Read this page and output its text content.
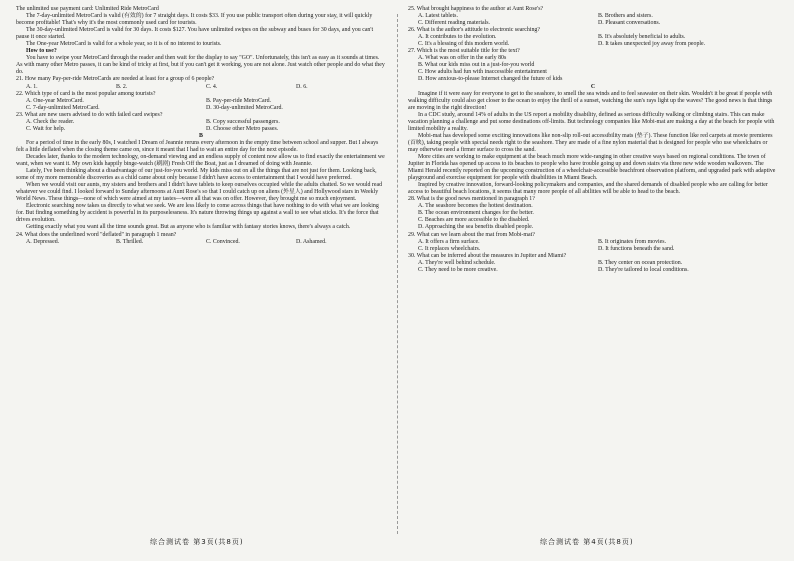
The unlimited use payment card: Unlimited Ride MetroCard

The 7-day-unlimited MetroCard is valid (有效的) for 7 straight days. It costs $33. If you use public transport often during your stay, it will quickly become profitable! That's why it's the most commonly used card for tourists.

The 30-day-unlimited MetroCard is valid for 30 days. It costs $127. You have unlimited swipes on the subway and buses for 30 days, and you can't pause it once started.

The One-year MetroCard is valid for a whole year, so it is of no interest to tourists.

How to use?

You have to swipe your MetroCard through the reader and then wait for the display to say "GO". Unfortunately, this isn't as easy as it sounds at times. As with many other Metro passes, it can be kind of tricky at first, but if you can't get it working, you are not alone. Just watch other people and do what they do.

21. How many Pay-per-ride MetroCards are needed at least for a group of 6 people?

A. 1.	B. 2.	C. 4.	D. 6.

22. Which type of card is the most popular among tourists?

A. One-year MetroCard.	B. Pay-per-ride MetroCard.
C. 7-day-unlimited MetroCard.	D. 30-day-unlimited MetroCard.

23. What are new users advised to do with failed card swipes?

A. Check the reader.	B. Copy successful passengers.
C. Wait for help.	D. Choose other Metro passes.

B

For a period of time in the early 80s, I watched I Dream of Jeannie reruns every afternoon in the empty time between school and supper. But I always felt a little deflated when the closing theme came on, since it meant that I had to wait an entire day for the next episode.

Decades later, thanks to the modern technology, on-demand viewing and an endless supply of content now allow us to find exactly the entertainment we want, when we want it. My own kids happily binge-watch (刷剧) Fresh Off the Boat, just as I dreamed of doing with Jeannie.

Lately, I've been thinking about a disadvantage of our just-for-you world. My kids miss out on all the things that are not just for them. Looking back, some of my more memorable discoveries as a child came about only because I didn't have access to entertainment that I would have preferred.

When we would visit our aunts, my sisters and brothers and I didn't have tablets to keep ourselves occupied while the adults chatted. So we would read whatever we could find. I looked forward to Sunday afternoons at Aunt Rose's so that I could catch up on aliens (外星人) and Hollywood stars in Weekly World News. These things—none of which were aimed at my tastes—were all that was on offer. However, they brought me so much enjoyment.

Electronic searching now takes us directly to what we seek. We are less likely to come across things that have nothing to do with what we are looking for. But finding something by accident is powerful in its purposelessness. It's nature throwing things up against a wall to see what sticks. It's the force that drives evolution.

Getting exactly what you want all the time sounds great. But as anyone who is familiar with fantasy stories knows, there's always a catch.

24. What does the underlined word "deflated" in paragraph 1 mean?

A. Depressed.	B. Thrilled.	C. Convinced.	D. Ashamed.

25. What brought happiness to the author at Aunt Rose's?

A. Latest tablets.	B. Brothers and sisters.
C. Different reading materials.	D. Pleasant conversations.

26. What is the author's attitude to electronic searching?

A. It contributes to the evolution.	B. It's absolutely beneficial to adults.
C. It's a blessing of this modern world.	D. It takes unexpected joy away from people.

27. Which is the most suitable title for the text?

A. What was on offer in the early 80s

B. What our kids miss out in a just-for-you world

C. How adults had fun with inaccessible entertainment

D. How anxious-to-please Internet changed the future of kids

C

Imagine if it were easy for everyone to get to the seashore, to smell the sea winds and to feel seawater on their skin. Wouldn't it be great if people with walking difficulty could also get closer to the ocean to enjoy the thrill of a sunset, watching the sun's rays light up the waves? The good news is that things are moving in the right direction!

In a CDC study, around 14% of adults in the US report a mobility disability, defined as serious difficulty walking or climbing stairs. This can make vacation planning a challenge and put some destinations off-limits. But technology companies like Mobi-mat are making a day at the beach for people with limited mobility a reality.

Mobi-mat has developed some exciting innovations like non-slip roll-out accessibility mats (垫子). These function like red carpets at movie premieres (首映), taking people with special needs right to the seashore. They are made of a fine nylon material that is designed for people who use wheelchairs or may otherwise need a firmer surface to cross the sand.

More cities are working to make equipment at the beach much more wide-ranging in other creative ways based on regional conditions. The town of Jupiter in Florida has opened up access to its beaches to people who have trouble going up and down stairs via three new wide wooden walkovers. The Miami Herald recently reported on the upcoming construction of a wheelchair-accessible beachfront observation platform, and upgraded park with adaptive playground and exercise equipment for people with disabilities in Miami Beach.

Inspired by creative innovation, forward-looking policymakers and companies, and the shared demands of disabled people who are calling for better access to beautiful beach locations, it seems that many more people of all abilities will be able to head to the beach.

28. What is the good news mentioned in paragraph 1?

A. The seashore becomes the hottest destination.

B. The ocean environment changes for the better.

C. Beaches are more accessible to the disabled.

D. Approaching the sea benefits disabled people.

29. What can we learn about the mat from Mobi-mat?

A. It offers a firm surface.	B. It originates from movies.
C. It replaces wheelchairs.	D. It functions beneath the sand.

30. What can be inferred about the measures in Jupiter and Miami?

A. They're well behind schedule.	B. They center on ocean protection.
C. They need to be more creative.	D. They're tailored to local conditions.
综合测试卷 第3页(共8页)	综合测试卷 第4页(共8页)
